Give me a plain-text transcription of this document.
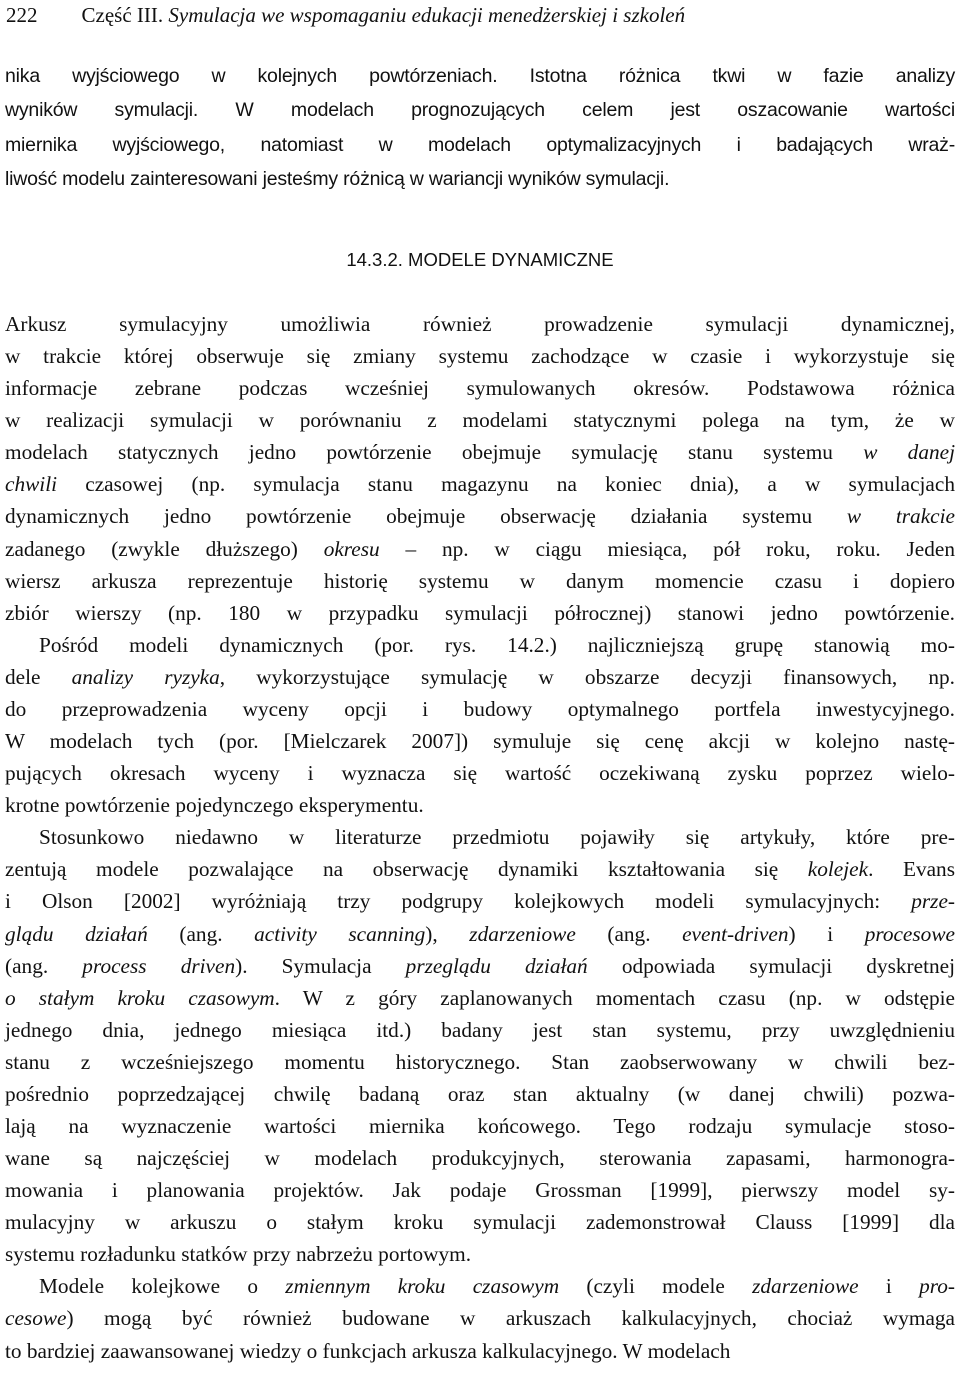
222 Część III. Symulacja we wspomaganiu edukacji menedżerskiej i szkoleń
nika wyjściowego w kolejnych powtórzeniach. Istotna różnica tkwi w fazie analizy
wyników symulacji. W modelach prognozujących celem jest oszacowanie wartości
miernika wyjściowego, natomiast w modelach optymalizacyjnych i badających wraż-
liwość modelu zainteresowani jesteśmy różnicą w wariancji wyników symulacji.
14.3.2. MODELE DYNAMICZNE
Arkusz symulacyjny umożliwia również prowadzenie symulacji dynamicznej,
w trakcie której obserwuje się zmiany systemu zachodzące w czasie i wykorzystuje się
informacje zebrane podczas wcześniej symulowanych okresów. Podstawowa różnica
w realizacji symulacji w porównaniu z modelami statycznymi polega na tym, że w
modelach statycznych jedno powtórzenie obejmuje symulację stanu systemu w danej
chwili czasowej (np. symulacja stanu magazynu na koniec dnia), a w symulacjach
dynamicznych jedno powtórzenie obejmuje obserwację działania systemu w trakcie
zadanego (zwykle dłuższego) okresu – np. w ciągu miesiąca, pół roku, roku. Jeden
wiersz arkusza reprezentuje historię systemu w danym momencie czasu i dopiero
zbiór wierszy (np. 180 w przypadku symulacji półrocznej) stanowi jedno powtórzenie.
Pośród modeli dynamicznych (por. rys. 14.2.) najliczniejszą grupę stanowią mo-
dele analizy ryzyka, wykorzystujące symulację w obszarze decyzji finansowych, np.
do przeprowadzenia wyceny opcji i budowy optymalnego portfela inwestycyjnego.
W modelach tych (por. [Mielczarek 2007]) symuluje się cenę akcji w kolejno nastę-
pujących okresach wyceny i wyznacza się wartość oczekiwaną zysku poprzez wielo-
krotne powtórzenie pojedynczego eksperymentu.
Stosunkowo niedawno w literaturze przedmiotu pojawiły się artykuły, które pre-
zentują modele pozwalające na obserwację dynamiki kształtowania się kolejek. Evans
i Olson [2002] wyróżniają trzy podgrupy kolejkowych modeli symulacyjnych: prze-
glądu działań (ang. activity scanning), zdarzeniowe (ang. event-driven) i procesowe
(ang. process driven). Symulacja przeglądu działań odpowiada symulacji dyskretnej
o stałym kroku czasowym. W z góry zaplanowanych momentach czasu (np. w odstępie
jednego dnia, jednego miesiąca itd.) badany jest stan systemu, przy uwzględnieniu
stanu z wcześniejszego momentu historycznego. Stan zaobserwowany w chwili bez-
pośrednio poprzedzającej chwilę badaną oraz stan aktualny (w danej chwili) pozwa-
lają na wyznaczenie wartości miernika końcowego. Tego rodzaju symulacje stoso-
wane są najczęściej w modelach produkcyjnych, sterowania zapasami, harmonogra-
mowania i planowania projektów. Jak podaje Grossman [1999], pierwszy model sy-
mulacyjny w arkuszu o stałym kroku symulacji zademonstrował Clauss [1999] dla
systemu rozładunku statków przy nabrzeżu portowym.
Modele kolejkowe o zmiennym kroku czasowym (czyli modele zdarzeniowe i pro-
cesowe) mogą być również budowane w arkuszach kalkulacyjnych, chociaż wymaga
to bardziej zaawansowanej wiedzy o funkcjach arkusza kalkulacyjnego. W modelach
